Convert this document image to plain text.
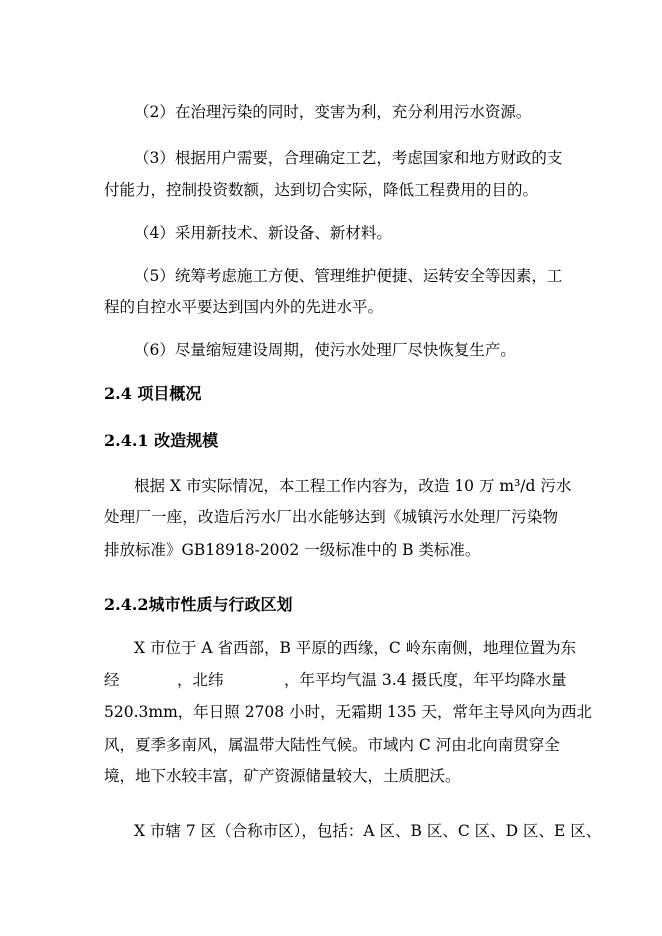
（2）在治理污染的同时，变害为利，充分利用污水资源。
（3）根据用户需要，合理确定工艺，考虑国家和地方财政的支
付能力，控制投资数额，达到切合实际，降低工程费用的目的。
（4）采用新技术、新设备、新材料。
（5）统筹考虑施工方便、管理维护便捷、运转安全等因素，工
程的自控水平要达到国内外的先进水平。
（6）尽量缩短建设周期，使污水处理厂尽快恢复生产。
2.4 项目概况
2.4.1 改造规模
根据 X 市实际情况，本工程工作内容为，改造 10 万 m³/d 污水
处理厂一座，改造后污水厂出水能够达到《城镇污水处理厂污染物
排放标准》GB18918-2002 一级标准中的 B 类标准。
2.4.2城市性质与行政区划
X 市位于 A 省西部，B 平原的西缘，C 岭东南侧，地理位置为东
经	，北纬	，年平均气温 3.4 摄氏度，年平均降水量
520.3mm，年日照 2708 小时，无霜期 135 天，常年主导风向为西北
风，夏季多南风，属温带大陆性气候。市域内 C 河由北向南贯穿全
境，地下水较丰富，矿产资源储量较大，土质肥沃。
X 市辖 7 区（合称市区），包括：A 区、B 区、C 区、D 区、E 区、
